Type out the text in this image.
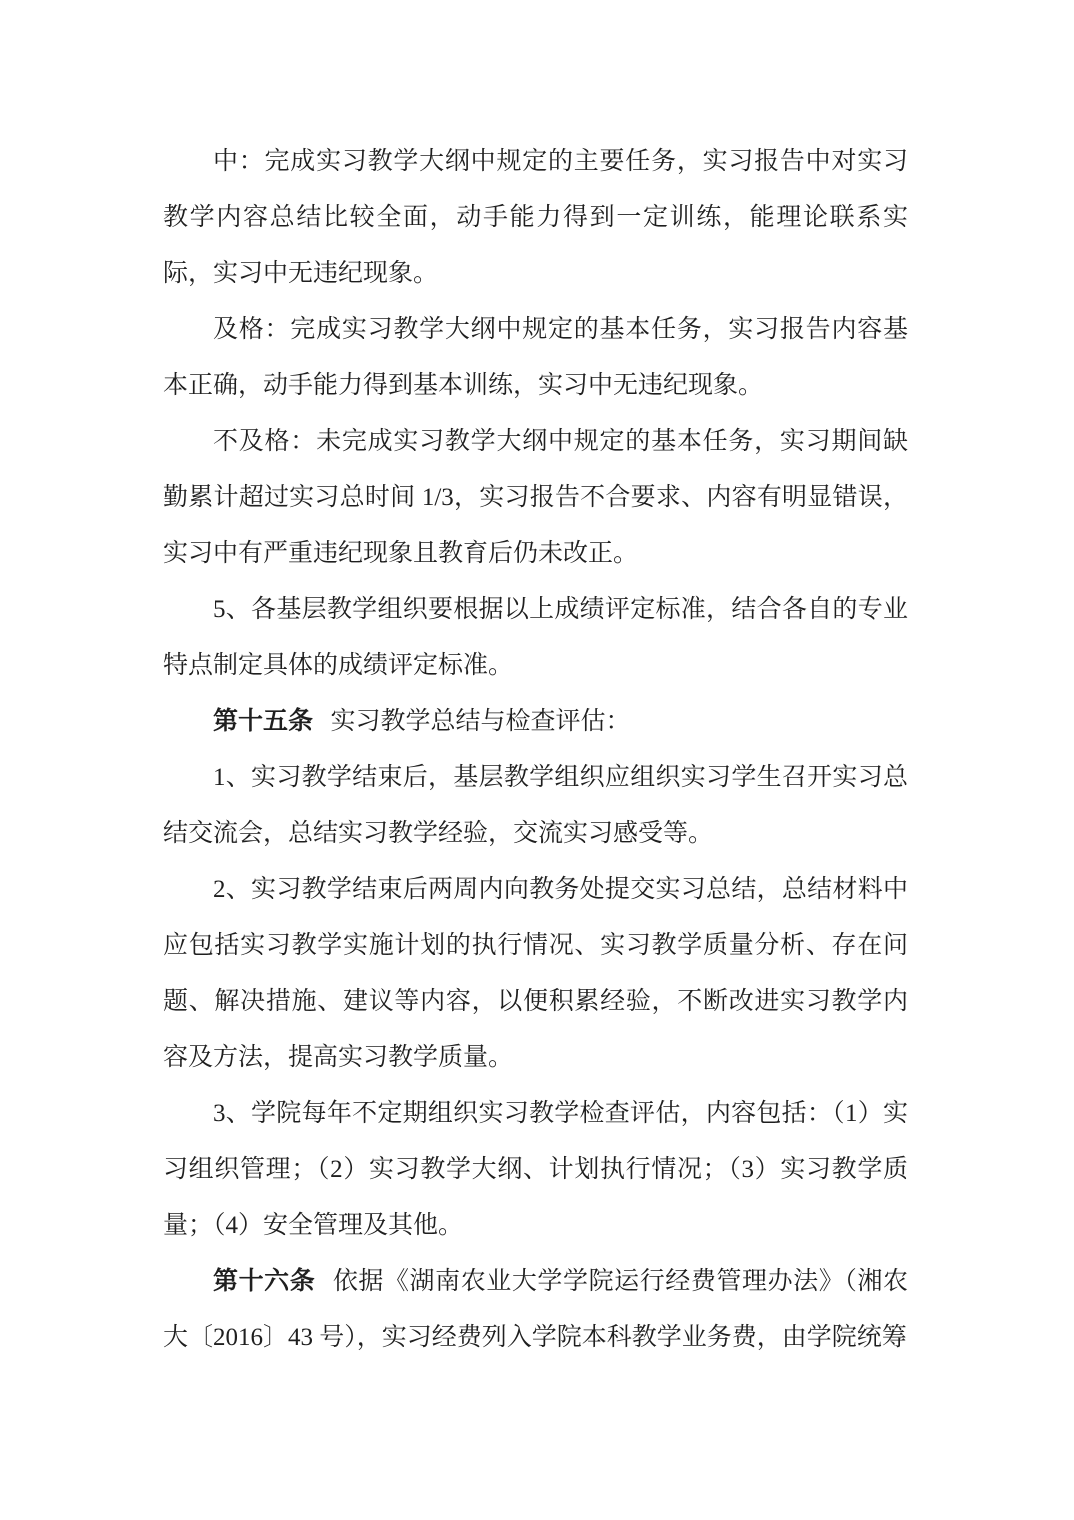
中：完成实习教学大纲中规定的主要任务，实习报告中对实习教学内容总结比较全面，动手能力得到一定训练，能理论联系实际，实习中无违纪现象。

及格：完成实习教学大纲中规定的基本任务，实习报告内容基本正确，动手能力得到基本训练，实习中无违纪现象。

不及格：未完成实习教学大纲中规定的基本任务，实习期间缺勤累计超过实习总时间 1/3，实习报告不合要求、内容有明显错误，实习中有严重违纪现象且教育后仍未改正。

5、各基层教学组织要根据以上成绩评定标准，结合各自的专业特点制定具体的成绩评定标准。

第十五条 实习教学总结与检查评估：

1、实习教学结束后，基层教学组织应组织实习学生召开实习总结交流会，总结实习教学经验，交流实习感受等。

2、实习教学结束后两周内向教务处提交实习总结，总结材料中应包括实习教学实施计划的执行情况、实习教学质量分析、存在问题、解决措施、建议等内容，以便积累经验，不断改进实习教学内容及方法，提高实习教学质量。

3、学院每年不定期组织实习教学检查评估，内容包括：（1）实习组织管理；（2）实习教学大纲、计划执行情况；（3）实习教学质量；（4）安全管理及其他。

第十六条 依据《湖南农业大学学院运行经费管理办法》（湘农大〔2016〕43 号），实习经费列入学院本科教学业务费，由学院统筹
